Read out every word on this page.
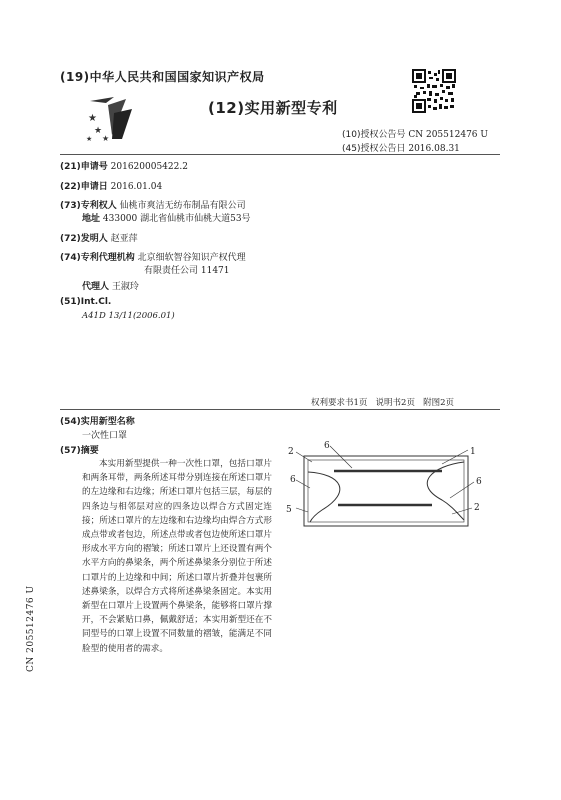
(19)中华人民共和国国家知识产权局
★
★
★
★
(12)实用新型专利
(10)授权公告号 CN 205512476 U
(45)授权公告日 2016.08.31
(21)申请号 201620005422.2
(22)申请日 2016.01.04
(73)专利权人 仙桃市爽洁无纺布制品有限公司
地址 433000 湖北省仙桃市仙桃大道53号
(72)发明人 赵亚萍
(74)专利代理机构 北京细软智谷知识产权代理
有限责任公司 11471
代理人 王淑玲
(51)Int.Cl.
A41D 13/11(2006.01)
权利要求书1页 说明书2页 附图2页
(54)实用新型名称
一次性口罩
(57)摘要
本实用新型提供一种一次性口罩，包括口罩片和两条耳带，两条所述耳带分别连接在所述口罩片的左边缘和右边缘；所述口罩片包括三层，每层的四条边与相邻层对应的四条边以焊合方式固定连接；所述口罩片的左边缘和右边缘均由焊合方式形成点带或者包边，所述点带或者包边使所述口罩片形成水平方向的褶皱；所述口罩片上还设置有两个水平方向的鼻梁条，两个所述鼻梁条分别位于所述口罩片的上边缘和中间；所述口罩片折叠并包裹所述鼻梁条，以焊合方式将所述鼻梁条固定。本实用新型在口罩片上设置两个鼻梁条，能够将口罩片撑开，不会紧贴口鼻，佩戴舒适；本实用新型还在不同型号的口罩上设置不同数量的褶皱，能满足不同脸型的使用者的需求。
1
2
6
5
6
6
2
CN 205512476 U
